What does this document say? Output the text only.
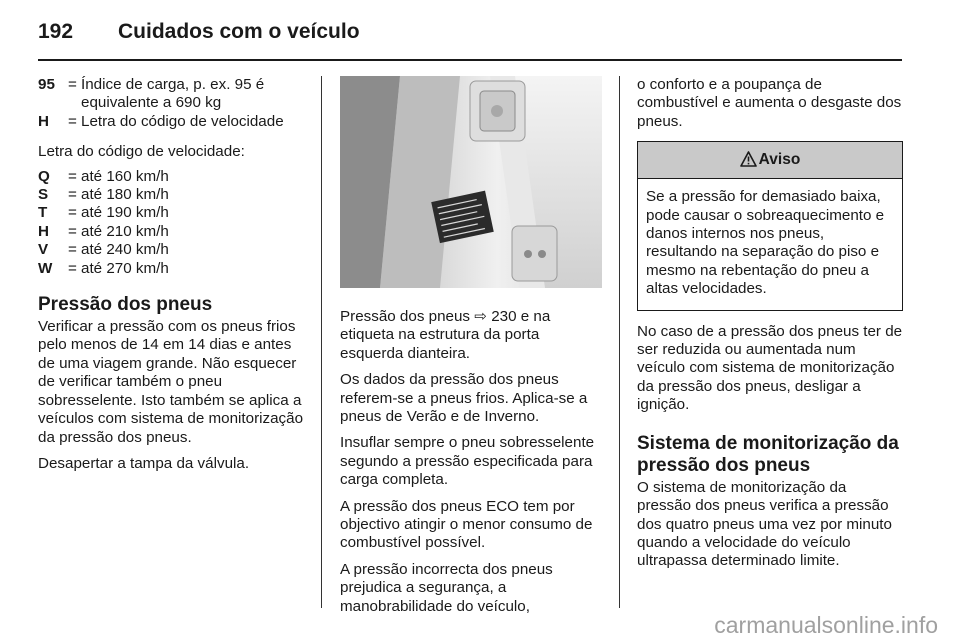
192 Cuidados com o veículo
95 = Índice de carga, p. ex. 95 é equivalente a 690 kg
H	= Letra do código de velocidade

Letra do código de velocidade:

Q	= até 160 km/h
S	= até 180 km/h
T	= até 190 km/h
H	= até 210 km/h
V	= até 240 km/h
W	= até 270 km/h
Pressão dos pneus

Verificar a pressão com os pneus frios pelo menos de 14 em 14 dias e antes de uma viagem grande. Não esquecer de verificar também o pneu sobresselente. Isto também se aplica a veículos com sistema de monitorização da pressão dos pneus.

Desapertar a tampa da válvula.

Pressão dos pneus ⇨ 230 e na etiqueta na estrutura da porta esquerda dianteira.

Os dados da pressão dos pneus referem-se a pneus frios. Aplica-se a pneus de Verão e de Inverno.

Insuflar sempre o pneu sobresselente segundo a pressão especificada para carga completa.

A pressão dos pneus ECO tem por objectivo atingir o menor consumo de combustível possível.

A pressão incorrecta dos pneus prejudica a segurança, a manobrabilidade do veículo,

o conforto e a poupança de combustível e aumenta o desgaste dos pneus.

Aviso
Se a pressão for demasiado baixa, pode causar o sobreaquecimento e danos internos nos pneus, resultando na separação do piso e mesmo na rebentação do pneu a altas velocidades.

No caso de a pressão dos pneus ter de ser reduzida ou aumentada num veículo com sistema de monitorização da pressão dos pneus, desligar a ignição.

Sistema de monitorização da pressão dos pneus

O sistema de monitorização da pressão dos pneus verifica a pressão dos quatro pneus uma vez por minuto quando a velocidade do veículo ultrapassa determinado limite.

carmanualsonline.info
